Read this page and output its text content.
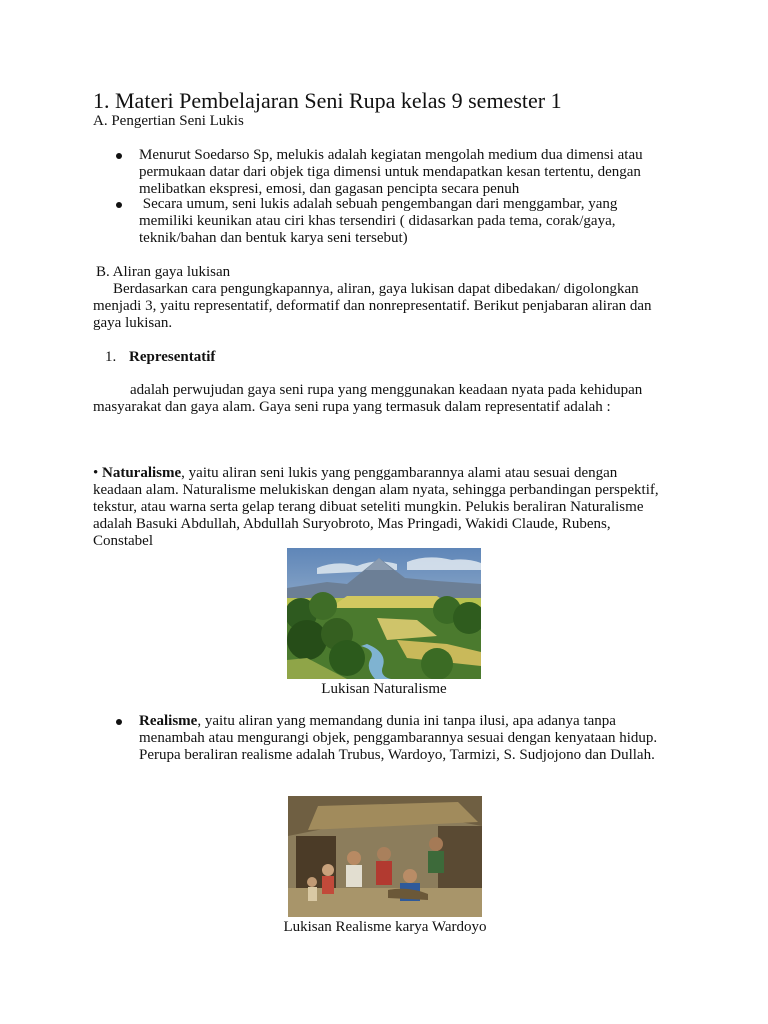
1. Materi Pembelajaran Seni Rupa kelas 9 semester 1
A. Pengertian Seni Lukis
Menurut Soedarso Sp, melukis adalah kegiatan mengolah medium dua dimensi atau permukaan datar dari objek tiga dimensi untuk mendapatkan kesan tertentu, dengan melibatkan ekspresi, emosi, dan gagasan pencipta secara penuh
Secara umum, seni lukis adalah sebuah pengembangan dari menggambar, yang memiliki keunikan atau ciri khas tersendiri ( didasarkan pada tema, corak/gaya, teknik/bahan dan bentuk karya seni tersebut)
B. Aliran gaya lukisan
Berdasarkan cara pengungkapannya, aliran, gaya lukisan dapat dibedakan/ digolongkan menjadi 3, yaitu representatif, deformatif dan nonrepresentatif. Berikut penjabaran aliran dan gaya lukisan.
1. Representatif
adalah perwujudan gaya seni rupa yang menggunakan keadaan nyata pada kehidupan masyarakat dan gaya alam. Gaya seni rupa yang termasuk dalam representatif adalah :
• Naturalisme, yaitu aliran seni lukis yang penggambarannya alami atau sesuai dengan keadaan alam. Naturalisme melukiskan dengan alam nyata, sehingga perbandingan perspektif, tekstur, atau warna serta gelap terang dibuat seteliti mungkin. Pelukis beraliran Naturalisme adalah Basuki Abdullah, Abdullah Suryobroto, Mas Pringadi, Wakidi Claude, Rubens, Constabel
Lukisan Naturalisme
Realisme, yaitu aliran yang memandang dunia ini tanpa ilusi, apa adanya tanpa menambah atau mengurangi objek, penggambarannya sesuai dengan kenyataan hidup. Perupa beraliran realisme adalah Trubus, Wardoyo, Tarmizi, S. Sudjojono dan Dullah.
Lukisan Realisme karya Wardoyo
